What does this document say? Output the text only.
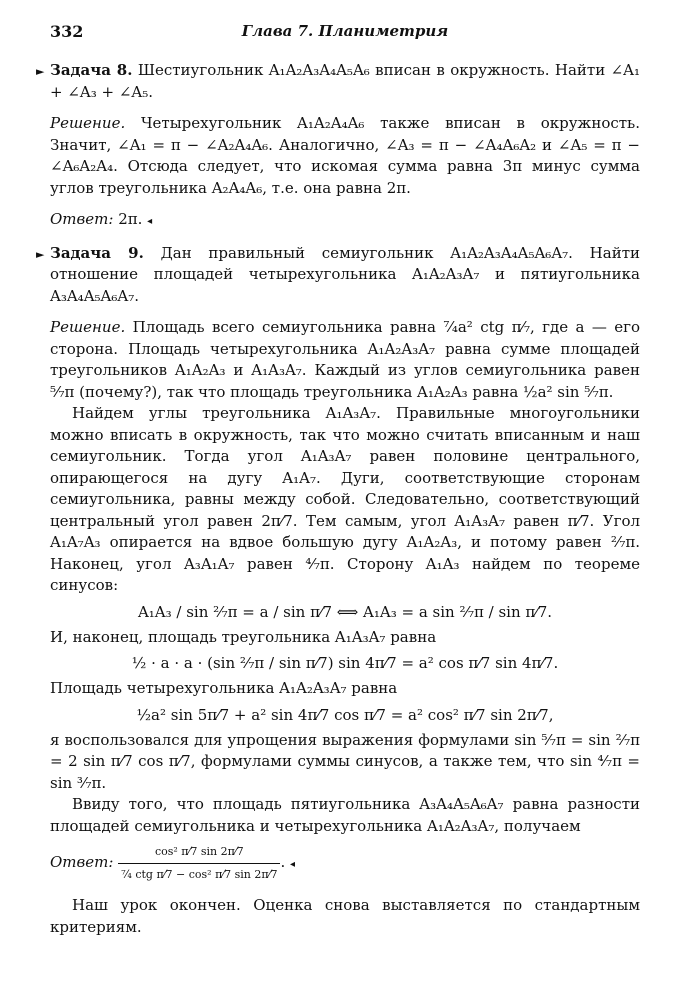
332	Глава 7. Планиметрия

► Задача 8. Шестиугольник A₁A₂A₃A₄A₅A₆ вписан в окружность. Найти ∠A₁ + ∠A₃ + ∠A₅.

Решение. Четырехугольник A₁A₂A₄A₆ также вписан в окружность. Значит, ∠A₁ = π − ∠A₂A₄A₆. Аналогично, ∠A₃ = π − ∠A₄A₆A₂ и ∠A₅ = π − ∠A₆A₂A₄. Отсюда следует, что искомая сумма равна 3π минус сумма углов треугольника A₂A₄A₆, т.е. она равна 2π.

Ответ: 2π. ◂

► Задача 9. Дан правильный семиугольник A₁A₂A₃A₄A₅A₆A₇. Найти отношение площадей четырехугольника A₁A₂A₃A₇ и пятиугольника A₃A₄A₅A₆A₇.

Решение. Площадь всего семиугольника равна ⁷⁄₄a² ctg π⁄₇, где a — его сторона. Площадь четырехугольника A₁A₂A₃A₇ равна сумме площадей треугольников A₁A₂A₃ и A₁A₃A₇. Каждый из углов семиугольника равен ⁵⁄₇π (почему?), так что площадь треугольника A₁A₂A₃ равна ½a² sin ⁵⁄₇π.

Найдем углы треугольника A₁A₃A₇. Правильные многоугольники можно вписать в окружность, так что можно считать вписанным и наш семиугольник. Тогда угол A₁A₃A₇ равен половине центрального, опирающегося на дугу A₁A₇. Дуги, соответствующие сторонам семиугольника, равны между собой. Следовательно, соответствующий центральный угол равен 2π⁄7. Тем самым, угол A₁A₃A₇ равен π⁄7. Угол A₁A₇A₃ опирается на вдвое большую дугу A₁A₂A₃, и потому равен ²⁄₇π. Наконец, угол A₃A₁A₇ равен ⁴⁄₇π. Сторону A₁A₃ найдем по теореме синусов:

A₁A₃ / sin ²⁄₇π = a / sin π⁄7 ⟺ A₁A₃ = a sin ²⁄₇π / sin π⁄7.

И, наконец, площадь треугольника A₁A₃A₇ равна

½ · a · a · (sin ²⁄₇π / sin π⁄7) sin 4π⁄7 = a² cos π⁄7 sin 4π⁄7.

Площадь четырехугольника A₁A₂A₃A₇ равна

½a² sin 5π⁄7 + a² sin 4π⁄7 cos π⁄7 = a² cos² π⁄7 sin 2π⁄7,

я воспользовался для упрощения выражения формулами sin ⁵⁄₇π = sin ²⁄₇π = 2 sin π⁄7 cos π⁄7, формулами суммы синусов, а также тем, что sin ⁴⁄₇π = sin ³⁄₇π.

Ввиду того, что площадь пятиугольника A₃A₄A₅A₆A₇ равна разности площадей семиугольника и четырехугольника A₁A₂A₃A₇, получаем

Ответ: $\frac{\text{cos² π⁄7 sin 2π⁄7}}{\text{⁷⁄₄ ctg π⁄7 − cos² π⁄7 sin 2π⁄7}}$ . ◂

Наш урок окончен. Оценка снова выставляется по стандартным критериям.
